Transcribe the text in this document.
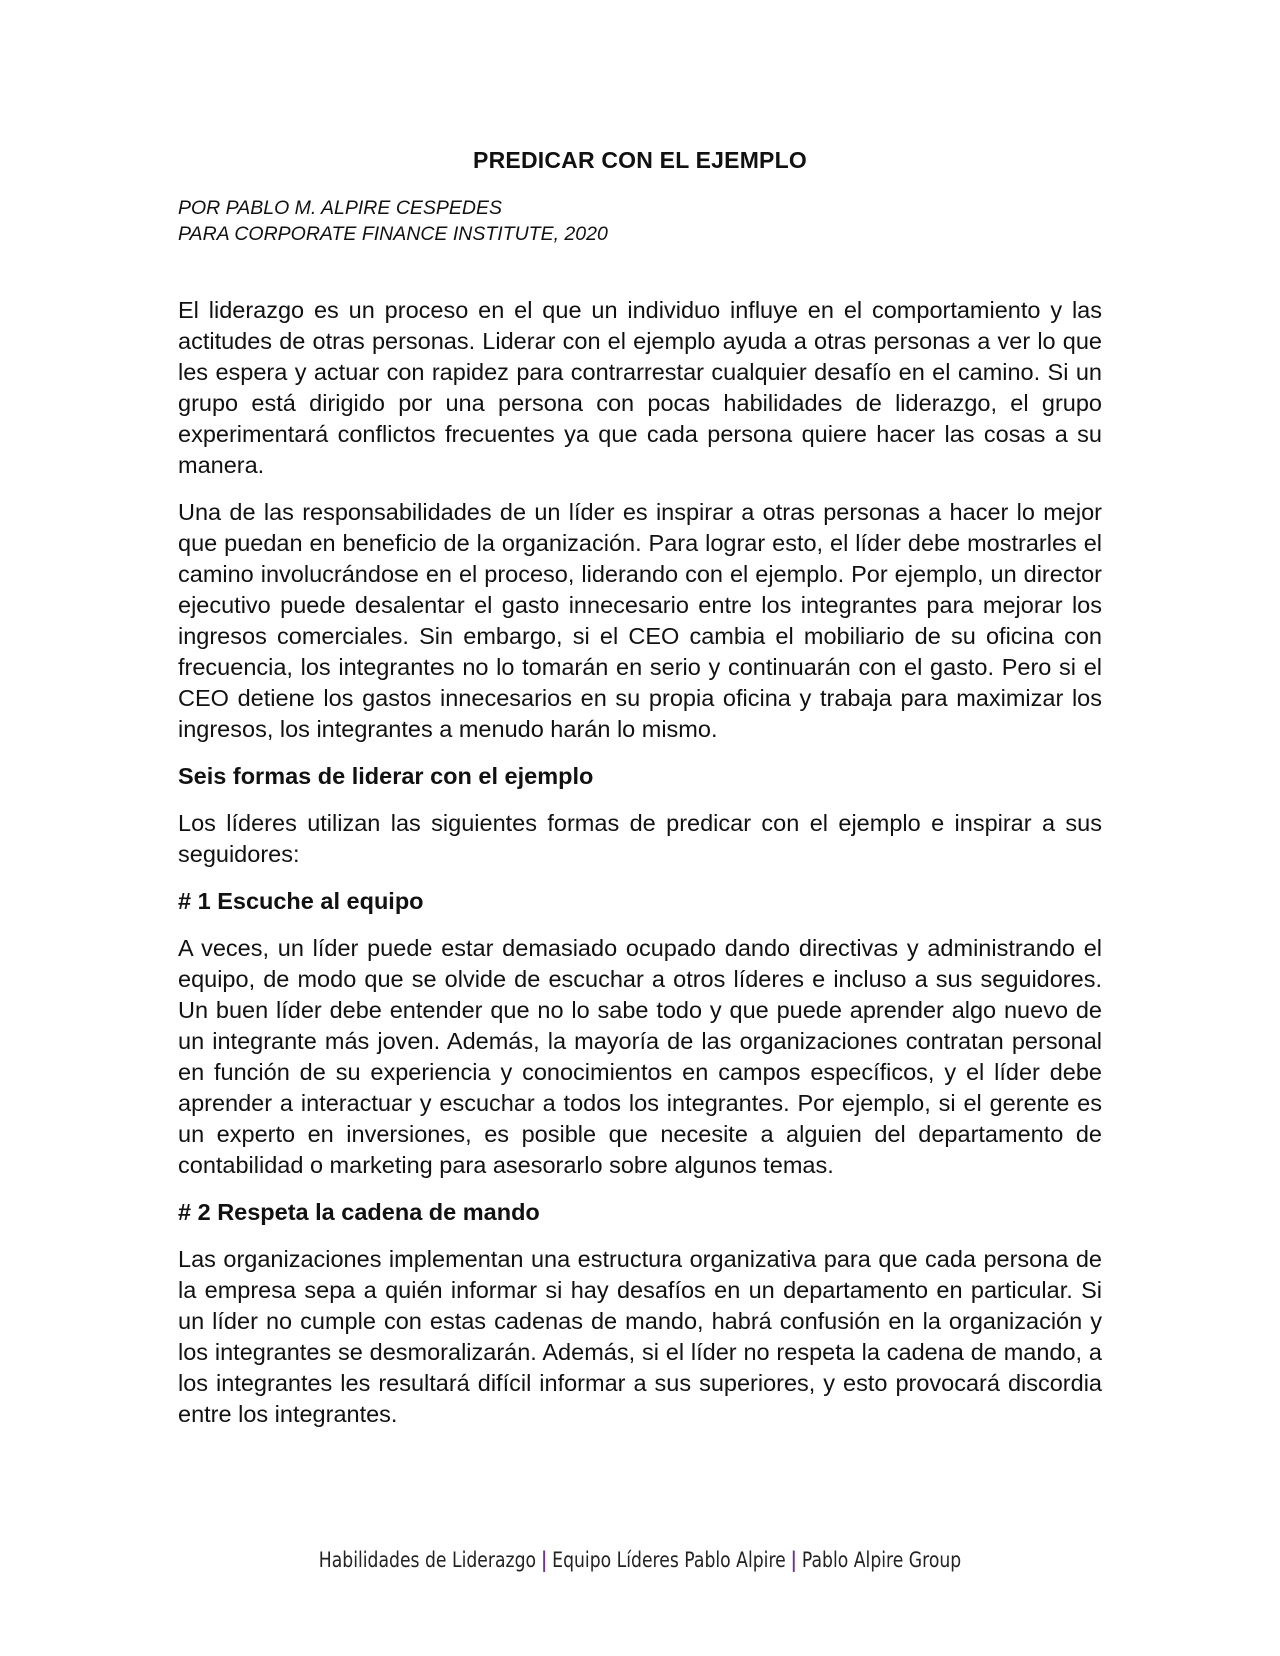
PREDICAR CON EL EJEMPLO
POR PABLO M. ALPIRE CESPEDES
PARA CORPORATE FINANCE INSTITUTE, 2020

El liderazgo es un proceso en el que un individuo influye en el comportamiento y las actitudes de otras personas. Liderar con el ejemplo ayuda a otras personas a ver lo que les espera y actuar con rapidez para contrarrestar cualquier desafío en el camino. Si un grupo está dirigido por una persona con pocas habilidades de liderazgo, el grupo experimentará conflictos frecuentes ya que cada persona quiere hacer las cosas a su manera.

Una de las responsabilidades de un líder es inspirar a otras personas a hacer lo mejor que puedan en beneficio de la organización. Para lograr esto, el líder debe mostrarles el camino involucrándose en el proceso, liderando con el ejemplo. Por ejemplo, un director ejecutivo puede desalentar el gasto innecesario entre los integrantes para mejorar los ingresos comerciales. Sin embargo, si el CEO cambia el mobiliario de su oficina con frecuencia, los integrantes no lo tomarán en serio y continuarán con el gasto. Pero si el CEO detiene los gastos innecesarios en su propia oficina y trabaja para maximizar los ingresos, los integrantes a menudo harán lo mismo.

Seis formas de liderar con el ejemplo

Los líderes utilizan las siguientes formas de predicar con el ejemplo e inspirar a sus seguidores:

# 1 Escuche al equipo

A veces, un líder puede estar demasiado ocupado dando directivas y administrando el equipo, de modo que se olvide de escuchar a otros líderes e incluso a sus seguidores. Un buen líder debe entender que no lo sabe todo y que puede aprender algo nuevo de un integrante más joven. Además, la mayoría de las organizaciones contratan personal en función de su experiencia y conocimientos en campos específicos, y el líder debe aprender a interactuar y escuchar a todos los integrantes. Por ejemplo, si el gerente es un experto en inversiones, es posible que necesite a alguien del departamento de contabilidad o marketing para asesorarlo sobre algunos temas.

# 2 Respeta la cadena de mando

Las organizaciones implementan una estructura organizativa para que cada persona de la empresa sepa a quién informar si hay desafíos en un departamento en particular. Si un líder no cumple con estas cadenas de mando, habrá confusión en la organización y los integrantes se desmoralizarán. Además, si el líder no respeta la cadena de mando, a los integrantes les resultará difícil informar a sus superiores, y esto provocará discordia entre los integrantes.

Habilidades de Liderazgo | Equipo Líderes Pablo Alpire | Pablo Alpire Group
